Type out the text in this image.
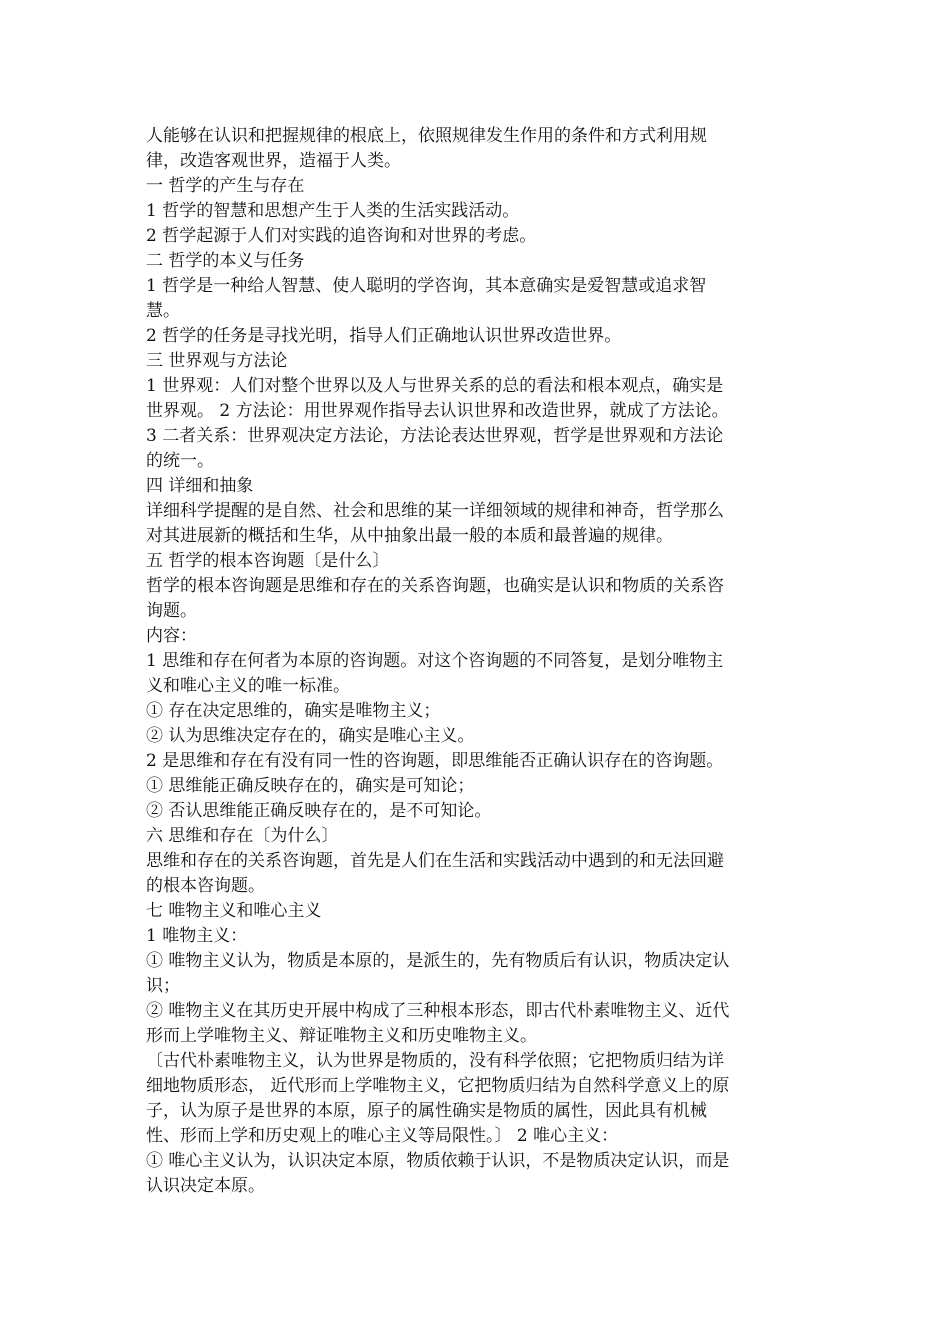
人能够在认识和把握规律的根底上，依照规律发生作用的条件和方式利用规
律，改造客观世界，造福于人类。
一 哲学的产生与存在
1 哲学的智慧和思想产生于人类的生活实践活动。
2 哲学起源于人们对实践的追咨询和对世界的考虑。
二 哲学的本义与任务
1 哲学是一种给人智慧、使人聪明的学咨询，其本意确实是爱智慧或追求智
慧。
2 哲学的任务是寻找光明，指导人们正确地认识世界改造世界。
三 世界观与方法论
1 世界观：人们对整个世界以及人与世界关系的总的看法和根本观点，确实是
世界观。 2 方法论：用世界观作指导去认识世界和改造世界，就成了方法论。
3 二者关系：世界观决定方法论，方法论表达世界观，哲学是世界观和方法论
的统一。
四 详细和抽象
详细科学提醒的是自然、社会和思维的某一详细领域的规律和神奇，哲学那么
对其进展新的概括和生华，从中抽象出最一般的本质和最普遍的规律。
五 哲学的根本咨询题〔是什么〕
哲学的根本咨询题是思维和存在的关系咨询题，也确实是认识和物质的关系咨
询题。
内容：
1 思维和存在何者为本原的咨询题。对这个咨询题的不同答复，是划分唯物主
义和唯心主义的唯一标准。
① 存在决定思维的，确实是唯物主义；
② 认为思维决定存在的，确实是唯心主义。
2 是思维和存在有没有同一性的咨询题，即思维能否正确认识存在的咨询题。
① 思维能正确反映存在的，确实是可知论；
② 否认思维能正确反映存在的，是不可知论。
六 思维和存在〔为什么〕
思维和存在的关系咨询题，首先是人们在生活和实践活动中遇到的和无法回避
的根本咨询题。
七 唯物主义和唯心主义
1 唯物主义：
① 唯物主义认为，物质是本原的，是派生的，先有物质后有认识，物质决定认
识；
② 唯物主义在其历史开展中构成了三种根本形态，即古代朴素唯物主义、近代
形而上学唯物主义、辩证唯物主义和历史唯物主义。
〔古代朴素唯物主义，认为世界是物质的，没有科学依照；它把物质归结为详
细地物质形态， 近代形而上学唯物主义，它把物质归结为自然科学意义上的原
子，认为原子是世界的本原，原子的属性确实是物质的属性，因此具有机械
性、形而上学和历史观上的唯心主义等局限性。〕 2 唯心主义：
① 唯心主义认为，认识决定本原，物质依赖于认识，不是物质决定认识，而是
认识决定本原。
